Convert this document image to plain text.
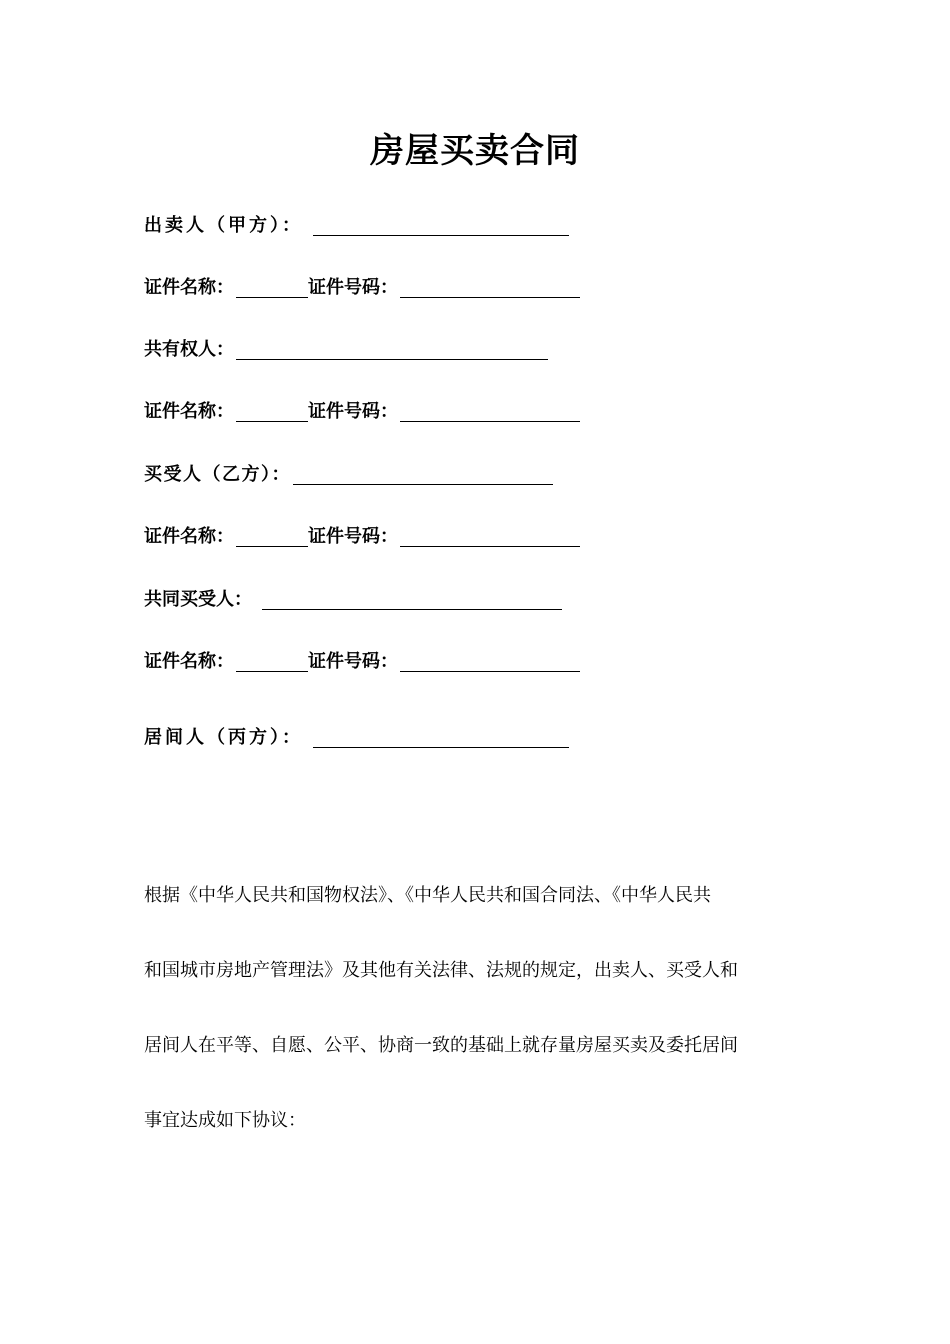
房屋买卖合同
出卖人（甲方）：
证件名称：	证件号码：
共有权人：
证件名称：	证件号码：
买受人（乙方）：
证件名称：	证件号码：
共同买受人：
证件名称：	证件号码：
居间人（丙方）：
根据《中华人民共和国物权法》、《中华人民共和国合同法、《中华人民共
和国城市房地产管理法》及其他有关法律、法规的规定，出卖人、买受人和
居间人在平等、自愿、公平、协商一致的基础上就存量房屋买卖及委托居间
事宜达成如下协议：
